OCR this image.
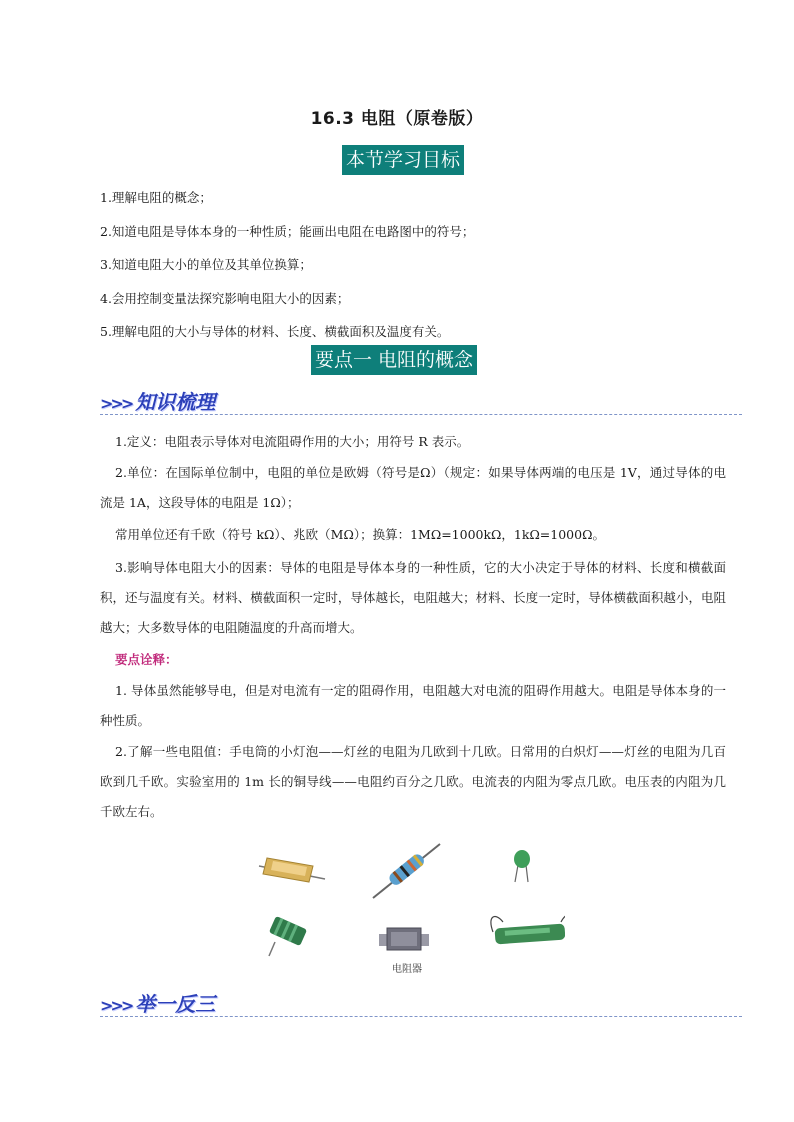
16.3 电阻（原卷版）
本节学习目标
1.理解电阻的概念；
2.知道电阻是导体本身的一种性质；能画出电阻在电路图中的符号；
3.知道电阻大小的单位及其单位换算；
4.会用控制变量法探究影响电阻大小的因素；
5.理解电阻的大小与导体的材料、长度、横截面积及温度有关。
要点一 电阻的概念
>>> 知识梳理
1.定义：电阻表示导体对电流阻碍作用的大小；用符号 R 表示。
2.单位：在国际单位制中，电阻的单位是欧姆（符号是Ω）（规定：如果导体两端的电压是 1V，通过导体的电流是 1A，这段导体的电阻是 1Ω）；
常用单位还有千欧（符号 kΩ）、兆欧（MΩ）；换算：1MΩ=1000kΩ，1kΩ=1000Ω。
3.影响导体电阻大小的因素：导体的电阻是导体本身的一种性质，它的大小决定于导体的材料、长度和横截面积，还与温度有关。材料、横截面积一定时，导体越长，电阻越大；材料、长度一定时，导体横截面积越小，电阻越大；大多数导体的电阻随温度的升高而增大。
要点诠释：
1. 导体虽然能够导电，但是对电流有一定的阻碍作用，电阻越大对电流的阻碍作用越大。电阻是导体本身的一种性质。
2.了解一些电阻值：手电筒的小灯泡——灯丝的电阻为几欧到十几欧。日常用的白炽灯——灯丝的电阻为几百欧到几千欧。实验室用的 1m 长的铜导线——电阻约百分之几欧。电流表的内阻为零点几欧。电压表的内阻为几千欧左右。
电阻器
>>> 举一反三
